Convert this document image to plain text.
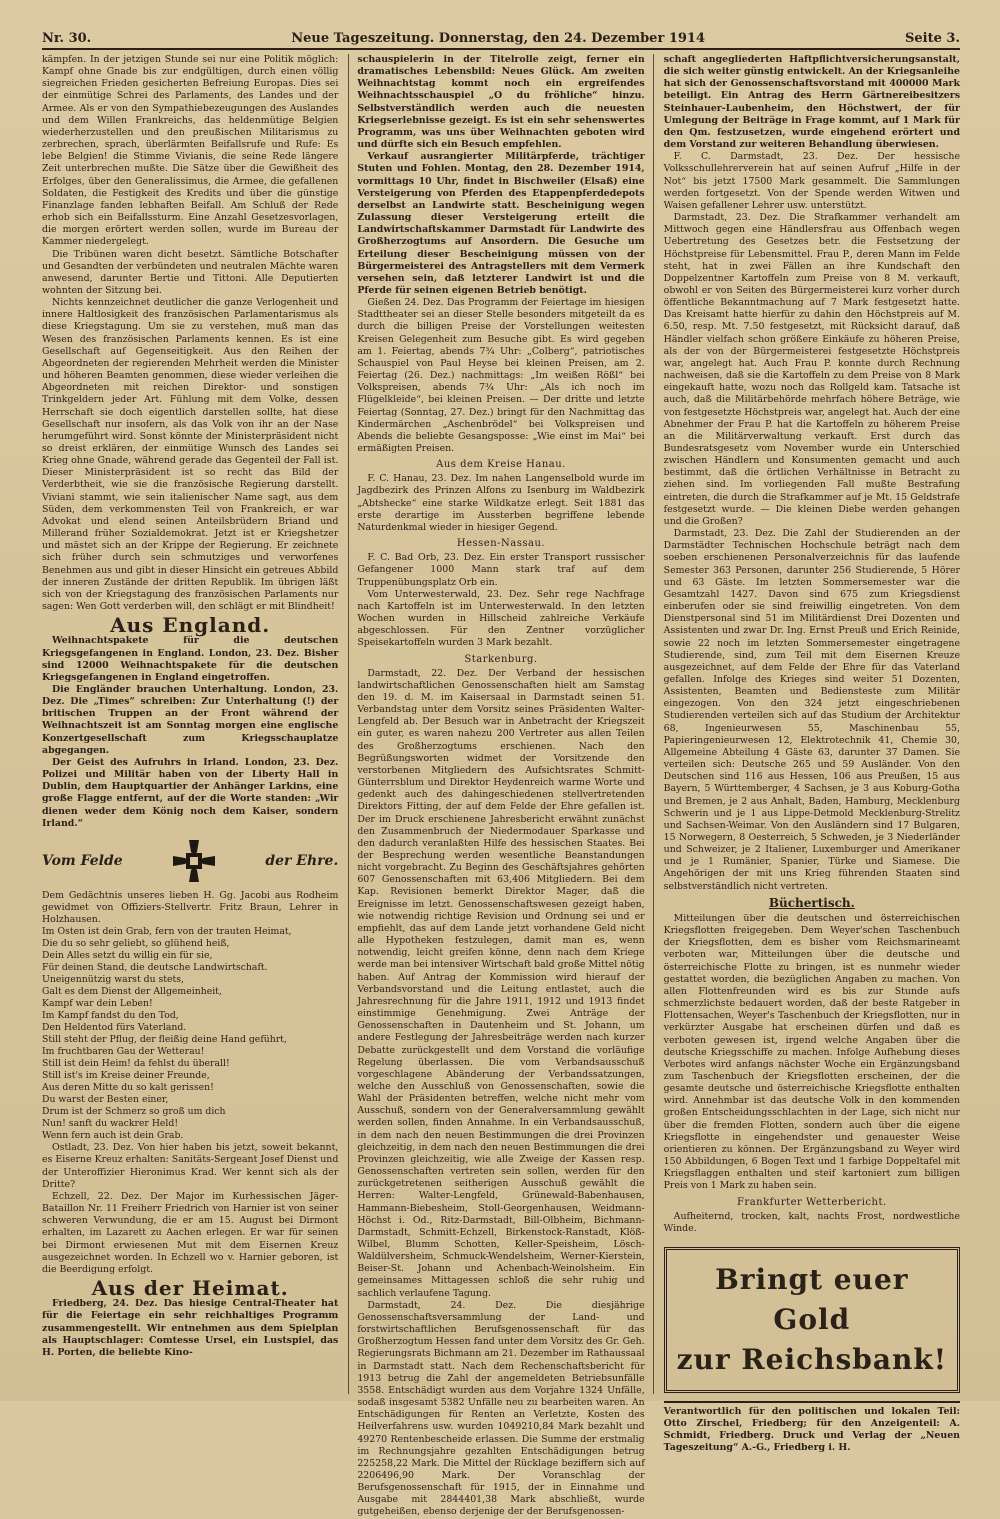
Nr. 30.	Neue Tageszeitung. Donnerstag, den 24. Dezember 1914	Seite 3.

kämpfen. In der jetzigen Stunde sei nur eine Politik möglich: Kampf ohne Gnade bis zur endgültigen, durch einen völlig siegreichen Frieden gesicherten Befreiung Europas. Dies sei der einmütige Schrei des Parlaments, des Landes und der Armee. Als er von den Sympathiebezeugungen des Auslandes und dem Willen Frankreichs, das heldenmütige Belgien wiederherzustellen und den preußischen Militarismus zu zerbrechen, sprach, überlärmten Beifallsrufe und Rufe: Es lebe Belgien! die Stimme Vivianis, die seine Rede längere Zeit unterbrechen mußte. Die Sätze über die Gewißheit des Erfolges, über den Generalissimus, die Armee, die gefallenen Soldaten, die Festigkeit des Kredits und über die günstige Finanzlage fanden lebhaften Beifall. Am Schluß der Rede erhob sich ein Beifallssturm. Eine Anzahl Gesetzesvorlagen, die morgen erörtert werden sollen, wurde im Bureau der Kammer niedergelegt.

Die Tribünen waren dicht besetzt. Sämtliche Botschafter und Gesandten der verbündeten und neutralen Mächte waren anwesend, darunter Bertie und Tittoni. Alle Deputierten wohnten der Sitzung bei.

Nichts kennzeichnet deutlicher die ganze Verlogenheit und innere Haltlosigkeit des französischen Parlamentarismus als diese Kriegstagung. Um sie zu verstehen, muß man das Wesen des französischen Parlaments kennen. Es ist eine Gesellschaft auf Gegenseitigkeit. Aus den Reihen der Abgeordneten der regierenden Mehrheit werden die Minister und höheren Beamten genommen, diese wieder verleihen die Abgeordneten mit reichen Direktor- und sonstigen Trinkgeldern jeder Art. Fühlung mit dem Volke, dessen Herrschaft sie doch eigentlich darstellen sollte, hat diese Gesellschaft nur insofern, als das Volk von ihr an der Nase herumgeführt wird. Sonst könnte der Ministerpräsident nicht so dreist erklären, der einmütige Wunsch des Landes sei Krieg ohne Gnade, während gerade das Gegenteil der Fall ist. Dieser Ministerpräsident ist so recht das Bild der Verderbtheit, wie sie die französische Regierung darstellt. Viviani stammt, wie sein italienischer Name sagt, aus dem Süden, dem verkommensten Teil von Frankreich, er war Advokat und elend seinen Anteilsbrüdern Briand und Millerand früher Sozialdemokrat. Jetzt ist er Kriegshetzer und mästet sich an der Krippe der Regierung. Er zeichnete sich früher durch sein schmutziges und verworfenes Benehmen aus und gibt in dieser Hinsicht ein getreues Abbild der inneren Zustände der dritten Republik. Im übrigen läßt sich von der Kriegstagung des französischen Parlaments nur sagen: Wen Gott verderben will, den schlägt er mit Blindheit!

Aus England.

Weihnachtspakete für die deutschen Kriegsgefangenen in England. London, 23. Dez. Bisher sind 12000 Weihnachtspakete für die deutschen Kriegsgefangenen in England eingetroffen.

Die Engländer brauchen Unterhaltung. London, 23. Dez. Die „Times“ schreiben: Zur Unterhaltung (!) der britischen Truppen an der Front während der Weihnachtszeit ist am Sonntag morgen eine englische Konzertgesellschaft zum Kriegsschauplatze abgegangen.

Der Geist des Aufruhrs in Irland. London, 23. Dez. Polizei und Militär haben von der Liberty Hall in Dublin, dem Hauptquartier der Anhänger Larkins, eine große Flagge entfernt, auf der die Worte standen: „Wir dienen weder dem König noch dem Kaiser, sondern Irland.“

Vom Felde	der Ehre.

Dem Gedächtnis unseres lieben H. Gg. Jacobi aus Rodheim gewidmet von Offiziers-Stellvertr. Fritz Braun, Lehrer in Holzhausen.

Im Osten ist dein Grab, fern von der trauten Heimat,

Die du so sehr geliebt, so glühend heiß,

Dein Alles setzt du willig ein für sie,

Für deinen Stand, die deutsche Landwirtschaft.

Uneigennützig warst du stets,

Galt es dem Dienst der Allgemeinheit,

Kampf war dein Leben!

Im Kampf fandst du den Tod,

Den Heldentod fürs Vaterland.

Still steht der Pflug, der fleißig deine Hand geführt,

Im fruchtbaren Gau der Wetterau!

Still ist dein Heim! da fehlst du überall!

Still ist's im Kreise deiner Freunde,

Aus deren Mitte du so kalt gerissen!

Du warst der Besten einer,

Drum ist der Schmerz so groß um dich

Nun! sanft du wackrer Held!

Wenn fern auch ist dein Grab.

Ostladt, 23. Dez. Von hier haben bis jetzt, soweit bekannt, es Eiserne Kreuz erhalten: Sanitäts-Sergeant Josef Dienst und der Unteroffizier Hieronimus Krad. Wer kennt sich als der Dritte?

Echzell, 22. Dez. Der Major im Kurhessischen Jäger-Bataillon Nr. 11 Freiherr Friedrich von Harnier ist von seiner schweren Verwundung, die er am 15. August bei Dirmont erhalten, im Lazarett zu Aachen erlegen. Er war für seinen bei Dirmont erwiesenen Mut mit dem Eisernen Kreuz ausgezeichnet worden. In Echzell wo v. Harnier geboren, ist die Beerdigung erfolgt.

Aus der Heimat.

Friedberg, 24. Dez. Das hiesige Central-Theater hat für die Feiertage ein sehr reichhaltiges Programm zusammengestellt. Wir entnehmen aus dem Spielplan als Hauptschlager: Comtesse Ursel, ein Lustspiel, das H. Porten, die beliebte Kino-

schauspielerin in der Titelrolle zeigt, ferner ein dramatisches Lebensbild: Neues Glück. Am zweiten Weihnachtstag kommt noch ein ergreifendes Weihnachtsschauspiel „O du fröhliche“ hinzu. Selbstverständlich werden auch die neuesten Kriegserlebnisse gezeigt. Es ist ein sehr sehenswertes Programm, was uns über Weihnachten geboten wird und dürfte sich ein Besuch empfehlen.

Verkauf ausrangierter Militärpferde, trächtiger Stuten und Fohlen. Montag, den 28. Dezember 1914, vormittags 10 Uhr, findet in Bischweiler (Elsaß) eine Versteigerung von Pferden des Etappenpferdedepots derselbst an Landwirte statt. Bescheinigung wegen Zulassung dieser Versteigerung erteilt die Landwirtschaftskammer Darmstadt für Landwirte des Großherzogtums auf Ansordern. Die Gesuche um Erteilung dieser Bescheinigung müssen von der Bürgermeisterei des Antragstellers mit dem Vermerk versehen sein, daß letzterer Landwirt ist und die Pferde für seinen eigenen Betrieb benötigt.

Gießen 24. Dez. Das Programm der Feiertage im hiesigen Stadttheater sei an dieser Stelle besonders mitgeteilt da es durch die billigen Preise der Vorstellungen weitesten Kreisen Gelegenheit zum Besuche gibt. Es wird gegeben am 1. Feiertag, abends 7¾ Uhr: „Colberg“, patriotisches Schauspiel von Paul Heyse bei kleinen Preisen, am 2. Feiertag (26. Dez.) nachmittags: „Im weißen Rößl“ bei Volkspreisen, abends 7¾ Uhr: „Als ich noch im Flügelkleide“, bei kleinen Preisen. — Der dritte und letzte Feiertag (Sonntag, 27. Dez.) bringt für den Nachmittag das Kindermärchen „Aschenbrödel“ bei Volkspreisen und Abends die beliebte Gesangsposse: „Wie einst im Mai“ bei ermäßigten Preisen.

Aus dem Kreise Hanau.

F. C. Hanau, 23. Dez. Im nahen Langenselbold wurde im Jagdbezirk des Prinzen Alfons zu Isenburg im Waldbezirk „Abtshecke“ eine starke Wildkatze erlegt. Seit 1881 das erste derartige im Aussterben begriffene lebende Naturdenkmal wieder in hiesiger Gegend.

Hessen-Nassau.

F. C. Bad Orb, 23. Dez. Ein erster Transport russischer Gefangener 1000 Mann stark traf auf dem Truppenübungsplatz Orb ein.

Vom Unterwesterwald, 23. Dez. Sehr rege Nachfrage nach Kartoffeln ist im Unterwesterwald. In den letzten Wochen wurden in Hillscheid zahlreiche Verkäufe abgeschlossen. Für den Zentner vorzüglicher Speisekartoffeln wurden 3 Mark bezahlt.

Starkenburg.

Darmstadt, 22. Dez. Der Verband der hessischen landwirtschaftlichen Genossenschaften hielt am Samstag den 19. d. M. im Kaisersaal in Darmstadt seinen 51. Verbandstag unter dem Vorsitz seines Präsidenten Walter-Lengfeld ab. Der Besuch war in Anbetracht der Kriegszeit ein guter, es waren nahezu 200 Vertreter aus allen Teilen des Großherzogtums erschienen. Nach den Begrüßungsworten widmet der Vorsitzende den verstorbenen Mitgliedern des Aufsichtsrates Schmitt-Günterrsblum und Direktor Heydenreich warme Worte und gedenkt auch des dahingeschiedenen stellvertretenden Direktors Fitting, der auf dem Felde der Ehre gefallen ist. Der im Druck erschienene Jahresbericht erwähnt zunächst den Zusammenbruch der Niedermodauer Sparkasse und den dadurch veranlaßten Hilfe des hessischen Staates. Bei der Besprechung werden wesentliche Beanstandungen nicht vorgebracht. Zu Beginn des Geschäftsjahres gehörten 607 Genossenschaften mit 63,406 Mitgliedern. Bei dem Kap. Revisionen bemerkt Direktor Mager, daß die Ereignisse im letzt. Genossenschaftswesen gezeigt haben, wie notwendig richtige Revision und Ordnung sei und er empfiehlt, das auf dem Lande jetzt vorhandene Geld nicht alle Hypotheken festzulegen, damit man es, wenn notwendig, leicht greifen könne, denn nach dem Kriege werde man bei intensiver Wirtschaft bald große Mittel nötig haben. Auf Antrag der Kommission wird hierauf der Verbandsvorstand und die Leitung entlastet, auch die Jahresrechnung für die Jahre 1911, 1912 und 1913 findet einstimmige Genehmigung. Zwei Anträge der Genossenschaften in Dautenheim und St. Johann, um andere Festlegung der Jahresbeiträge werden nach kurzer Debatte zurückgestellt und dem Vorstand die vorläufige Regelung überlassen. Die vom Verbandsausschuß vorgeschlagene Abänderung der Verbandssatzungen, welche den Ausschluß von Genossenschaften, sowie die Wahl der Präsidenten betreffen, welche nicht mehr vom Ausschuß, sondern von der Generalversammlung gewählt werden sollen, finden Annahme. In ein Verbandsausschuß, in dem nach den neuen Bestimmungen die drei Provinzen gleichzeitig, in dem nach den neuen Bestimmungen die drei Provinzen gleichzeitig, wie alle Zweige der Kassen resp. Genossenschaften vertreten sein sollen, werden für den zurückgetretenen seitherigen Ausschuß gewählt die Herren: Walter-Lengfeld, Grünewald-Babenhausen, Hammann-Biebesheim, Stoll-Georgenhausen, Weidmann-Höchst i. Od., Ritz-Darmstadt, Bill-Olbheim, Bichmann-Darmstadt, Schmitt-Echzell, Birkenstock-Ranstadt, Klöß-Wilbel, Blumm Schotten, Keller-Speisheim, Lösch-Waldülversheim, Schmuck-Wendelsheim, Werner-Kierstein, Beiser-St. Johann und Achenbach-Weinolsheim. Ein gemeinsames Mittagessen schloß die sehr ruhig und sachlich verlaufene Tagung.

Darmstadt, 24. Dez. Die diesjährige Genossenschaftsversammlung der Land- und forstwirtschaftlichen Berufsgenossenschaft für das Großherzogtum Hessen fand unter dem Vorsitz des Gr. Geh. Regierungsrats Bichmann am 21. Dezember im Rathaussaal in Darmstadt statt. Nach dem Rechenschaftsbericht für 1913 betrug die Zahl der angemeldeten Betriebsunfälle 3558. Entschädigt wurden aus dem Vorjahre 1324 Unfälle, sodaß insgesamt 5382 Unfälle neu zu bearbeiten waren. An Entschädigungen für Renten an Verletzte, Kosten des Heilverfahrens usw. wurden 1049210,84 Mark bezahlt und 49270 Rentenbescheide erlassen. Die Summe der erstmalig im Rechnungsjahre gezahlten Entschädigungen betrug 225258,22 Mark. Die Mittel der Rücklage beziffern sich auf 2206496,90 Mark. Der Voranschlag der Berufsgenossenschaft für 1915, der in Einnahme und Ausgabe mit 2844401,38 Mark abschließt, wurde gutgeheißen, ebenso derjenige der der Berufsgenossen-

schaft angegliederten Haftpflichtversicherungsanstalt, die sich weiter günstig entwickelt. An der Kriegsanleihe hat sich der Genossenschaftsvorstand mit 400000 Mark beteiligt. Ein Antrag des Herrn Gärtnereibesitzers Steinhauer-Laubenheim, den Höchstwert, der für Umlegung der Beiträge in Frage kommt, auf 1 Mark für den Qm. festzusetzen, wurde eingehend erörtert und dem Vorstand zur weiteren Behandlung überwiesen.

F. C. Darmstadt, 23. Dez. Der hessische Volksschullehrerverein hat auf seinen Aufruf „Hilfe in der Not“ bis jetzt 17500 Mark gesammelt. Die Sammlungen werden fortgesetzt. Von der Spende werden Witwen und Waisen gefallener Lehrer usw. unterstützt.

Darmstadt, 23. Dez. Die Strafkammer verhandelt am Mittwoch gegen eine Händlersfrau aus Offenbach wegen Uebertretung des Gesetzes betr. die Festsetzung der Höchstpreise für Lebensmittel. Frau P., deren Mann im Felde steht, hat in zwei Fällen an ihre Kundschaft den Doppelzentner Kartoffeln zum Preise von 8 M. verkauft, obwohl er von Seiten des Bürgermeisterei kurz vorher durch öffentliche Bekanntmachung auf 7 Mark festgesetzt hatte. Das Kreisamt hatte hierfür zu dahin den Höchstpreis auf M. 6.50, resp. Mt. 7.50 festgesetzt, mit Rücksicht darauf, daß Händler vielfach schon größere Einkäufe zu höheren Preise, als der von der Bürgermeisterei festgesetzte Höchstpreis war, angelegt hat. Auch Frau P. konnte durch Rechnung nachweisen, daß sie die Kartoffeln zu dem Preise von 8 Mark eingekauft hatte, wozu noch das Rollgeld kam. Tatsache ist auch, daß die Militärbehörde mehrfach höhere Beträge, wie von festgesetzte Höchstpreis war, angelegt hat. Auch der eine Abnehmer der Frau P. hat die Kartoffeln zu höherem Preise an die Militärverwaltung verkauft. Erst durch das Bundesratsgesetz vom November wurde ein Unterschied zwischen Händlern und Konsumenten gemacht und auch bestimmt, daß die örtlichen Verhältnisse in Betracht zu ziehen sind. Im vorliegenden Fall mußte Bestrafung eintreten, die durch die Strafkammer auf je Mt. 15 Geldstrafe festgesetzt wurde. — Die kleinen Diebe werden gehangen und die Großen?

Darmstadt, 23. Dez. Die Zahl der Studierenden an der Darmstädter Technischen Hochschule beträgt nach dem soeben erschienenen Personalverzeichnis für das laufende Semester 363 Personen, darunter 256 Studierende, 5 Hörer und 63 Gäste. Im letzten Sommersemester war die Gesamtzahl 1427. Davon sind 675 zum Kriegsdienst einberufen oder sie sind freiwillig eingetreten. Von dem Dienstpersonal sind 51 im Militärdienst Drei Dozenten und Assistenten und zwar Dr. Ing. Ernst Preuß und Erich Reinide, sowie 22 noch im letzten Sommersemester eingetragene Studierende, sind, zum Teil mit dem Eisernen Kreuze ausgezeichnet, auf dem Felde der Ehre für das Vaterland gefallen. Infolge des Krieges sind weiter 51 Dozenten, Assistenten, Beamten und Bediensteste zum Militär eingezogen. Von den 324 jetzt eingeschriebenen Studierenden verteilen sich auf das Studium der Architektur 68, Ingenieurwesen 55, Maschinenbau 55, Papieringenieurwesen 12, Elektrotechnik 41, Chemie 30, Allgemeine Abteilung 4 Gäste 63, darunter 37 Damen. Sie verteilen sich: Deutsche 265 und 59 Ausländer. Von den Deutschen sind 116 aus Hessen, 106 aus Preußen, 15 aus Bayern, 5 Württemberger, 4 Sachsen, je 3 aus Koburg-Gotha und Bremen, je 2 aus Anhalt, Baden, Hamburg, Mecklenburg Schwerin und je 1 aus Lippe-Detmold Mecklenburg-Strelitz und Sachsen-Weimar. Von den Ausländern sind 17 Bulgaren, 15 Norwegern, 8 Oesterreich, 5 Schweden, je 3 Niederländer und Schweizer, je 2 Italiener, Luxemburger und Amerikaner und je 1 Rumänier, Spanier, Türke und Siamese. Die Angehörigen der mit uns Krieg führenden Staaten sind selbstverständlich nicht vertreten.

Büchertisch.

Mitteilungen über die deutschen und österreichischen Kriegsflotten freigegeben. Dem Weyer'schen Taschenbuch der Kriegsflotten, dem es bisher vom Reichsmarineamt verboten war, Mitteilungen über die deutsche und österreichische Flotte zu bringen, ist es nunmehr wieder gestattet worden, die bezüglichen Angaben zu machen. Von allen Flottenfreunden wird es bis zur Stunde aufs schmerzlichste bedauert worden, daß der beste Ratgeber in Flottensachen, Weyer's Taschenbuch der Kriegsflotten, nur in verkürzter Ausgabe hat erscheinen dürfen und daß es verboten gewesen ist, irgend welche Angaben über die deutsche Kriegsschiffe zu machen. Infolge Aufhebung dieses Verbotes wird anfangs nächster Woche ein Ergänzungsband zum Taschenbuch der Kriegsflotten erscheinen, der die gesamte deutsche und österreichische Kriegsflotte enthalten wird. Annehmbar ist das deutsche Volk in den kommenden großen Entscheidungsschlachten in der Lage, sich nicht nur über die fremden Flotten, sondern auch über die eigene Kriegsflotte in eingehendster und genauester Weise orientieren zu können. Der Ergänzungsband zu Weyer wird 150 Abbildungen, 6 Bogen Text und 1 farbige Doppeltafel mit Kriegsflaggen enthalten und steif kartoniert zum billigen Preis von 1 Mark zu haben sein.

Frankfurter Wetterbericht.

Aufheiternd, trocken, kalt, nachts Frost, nordwestliche Winde.

Bringt euer Gold
zur Reichsbank!
Verantwortlich für den politischen und lokalen Teil: Otto Zirschel, Friedberg; für den Anzeigenteil: A. Schmidt, Friedberg. Druck und Verlag der „Neuen Tageszeitung“ A.-G., Friedberg i. H.
